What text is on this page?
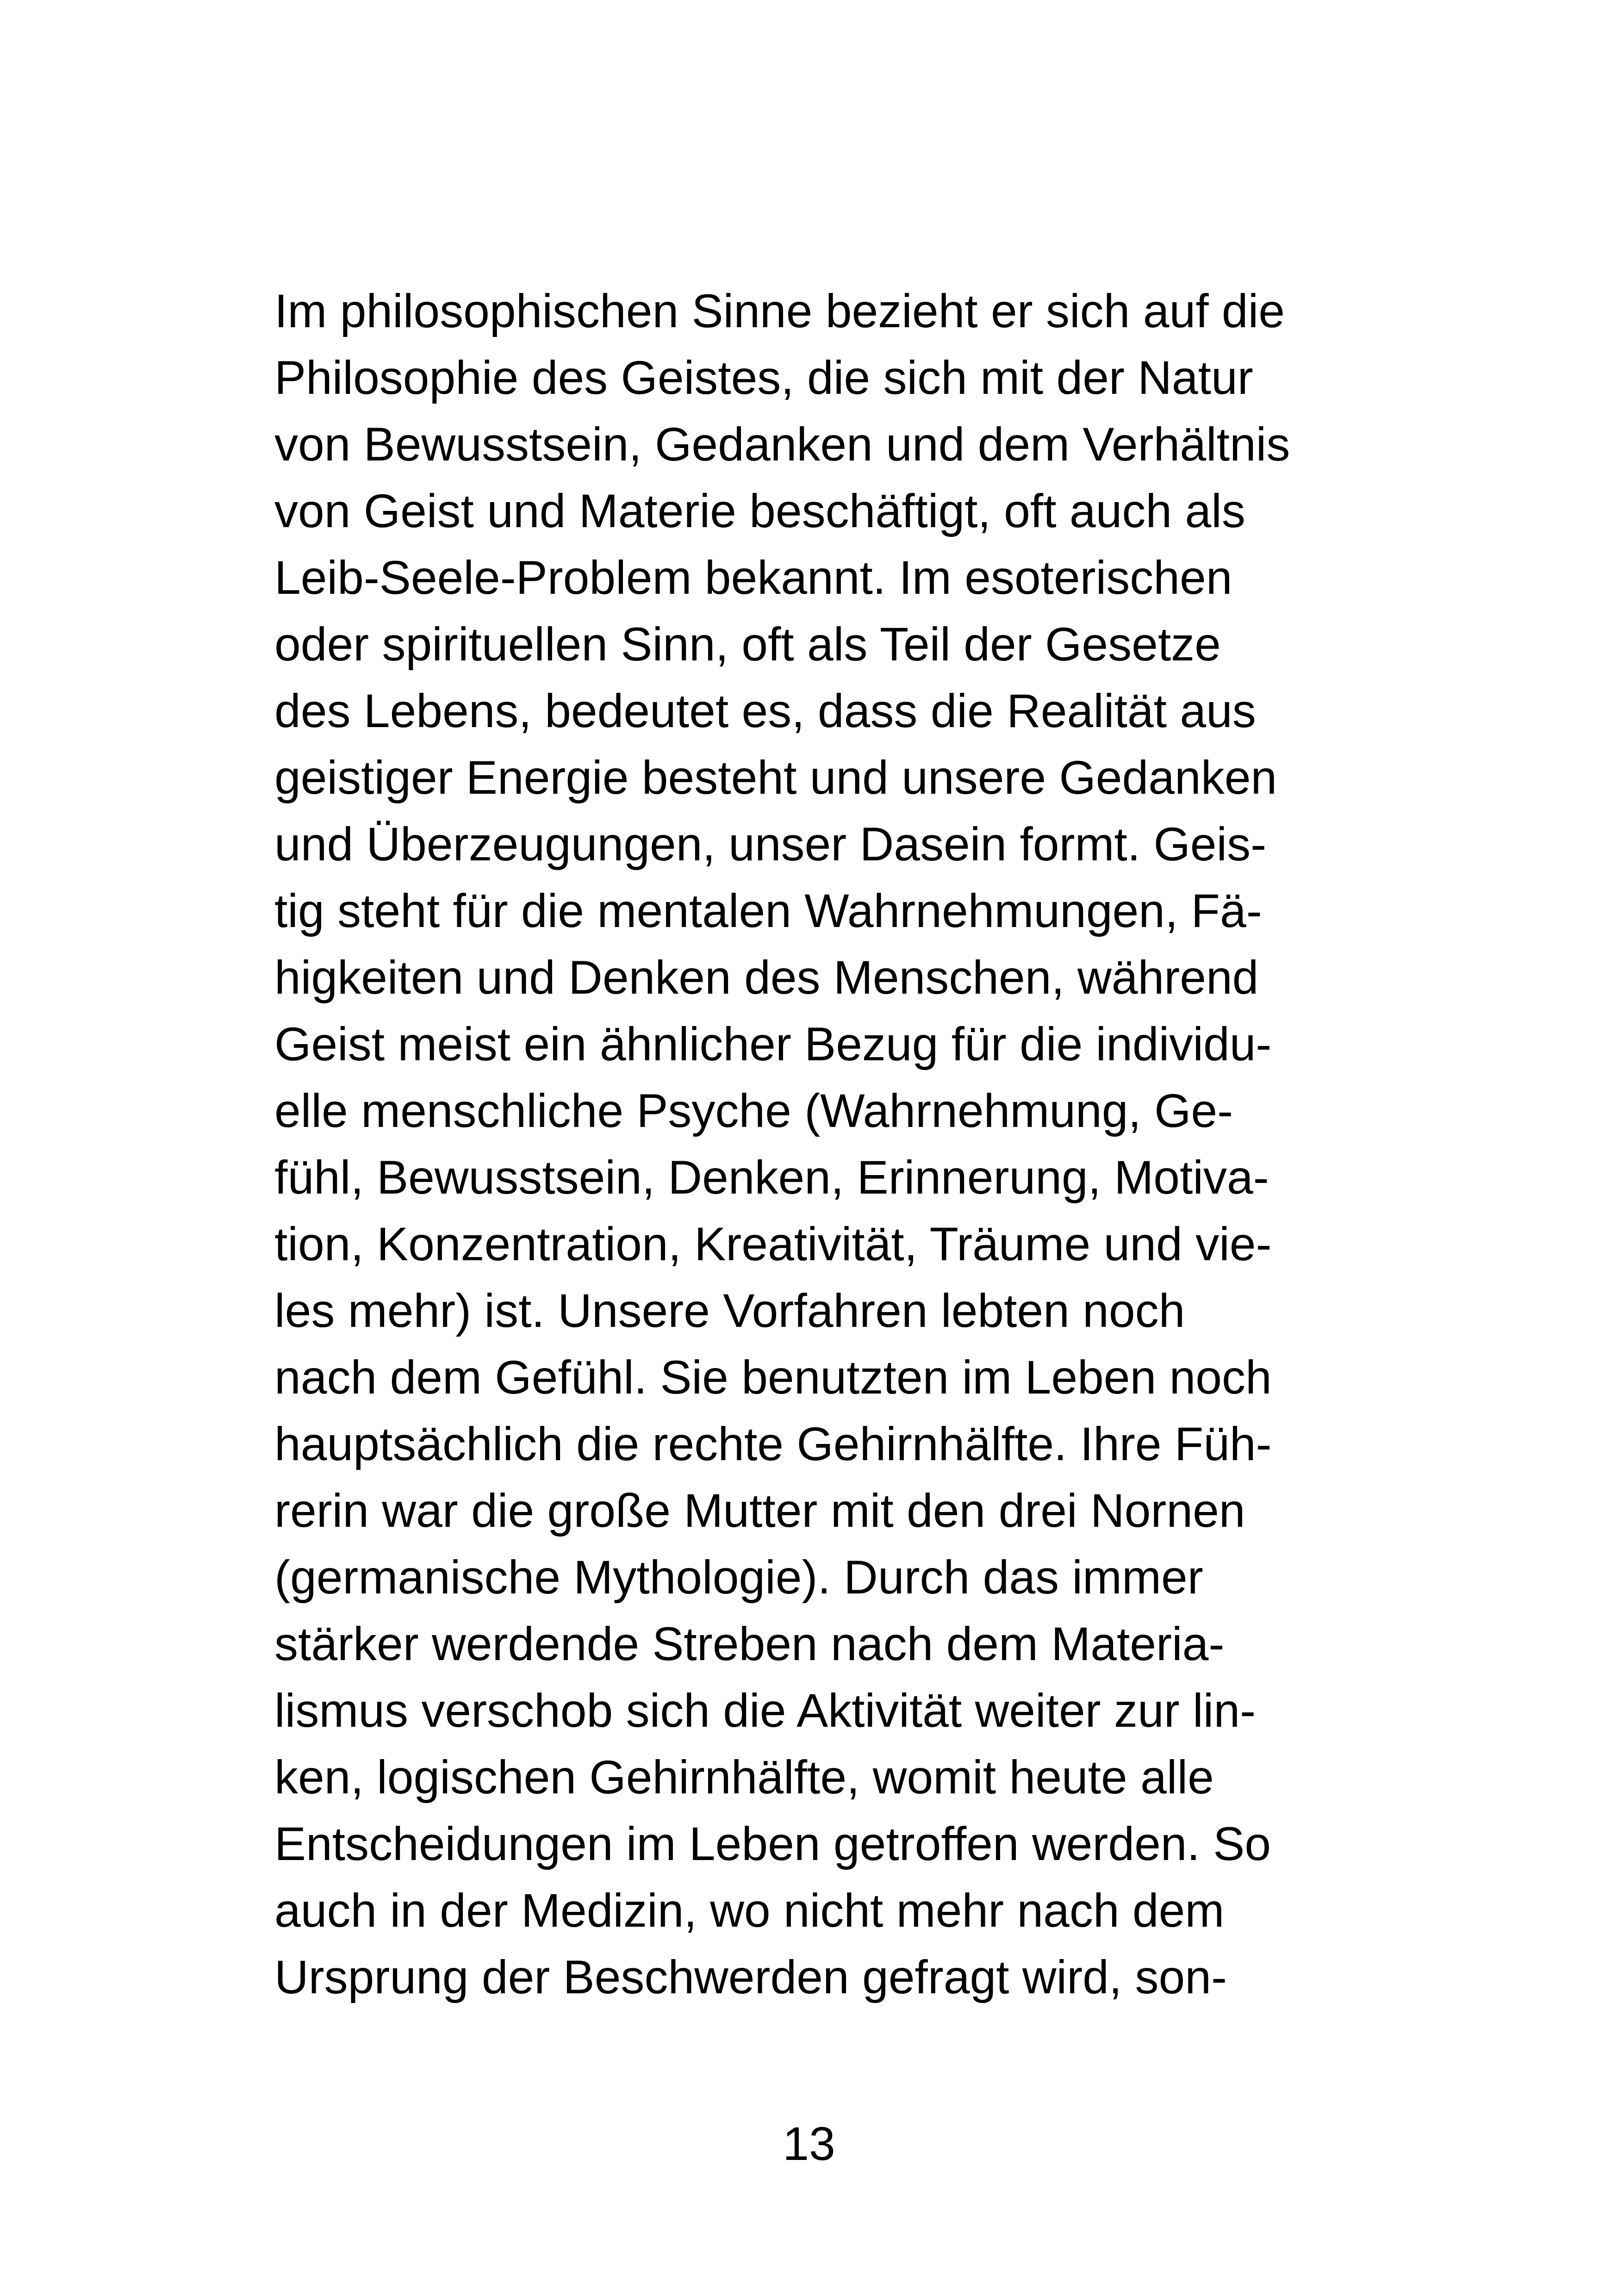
Im philosophischen Sinne bezieht er sich auf die
Philosophie des Geistes, die sich mit der Natur
von Bewusstsein, Gedanken und dem Verhältnis
von Geist und Materie beschäftigt, oft auch als
Leib-Seele-Problem bekannt. Im esoterischen
oder spirituellen Sinn, oft als Teil der Gesetze
des Lebens, bedeutet es, dass die Realität aus
geistiger Energie besteht und unsere Gedanken
und Überzeugungen, unser Dasein formt. Geis-
tig steht für die mentalen Wahrnehmungen, Fä-
higkeiten und Denken des Menschen, während
Geist meist ein ähnlicher Bezug für die individu-
elle menschliche Psyche (Wahrnehmung, Ge-
fühl, Bewusstsein, Denken, Erinnerung, Motiva-
tion, Konzentration, Kreativität, Träume und vie-
les mehr) ist. Unsere Vorfahren lebten noch
nach dem Gefühl. Sie benutzten im Leben noch
hauptsächlich die rechte Gehirnhälfte. Ihre Füh-
rerin war die große Mutter mit den drei Nornen
(germanische Mythologie). Durch das immer
stärker werdende Streben nach dem Materia-
lismus verschob sich die Aktivität weiter zur lin-
ken, logischen Gehirnhälfte, womit heute alle
Entscheidungen im Leben getroffen werden. So
auch in der Medizin, wo nicht mehr nach dem
Ursprung der Beschwerden gefragt wird, son-
13
